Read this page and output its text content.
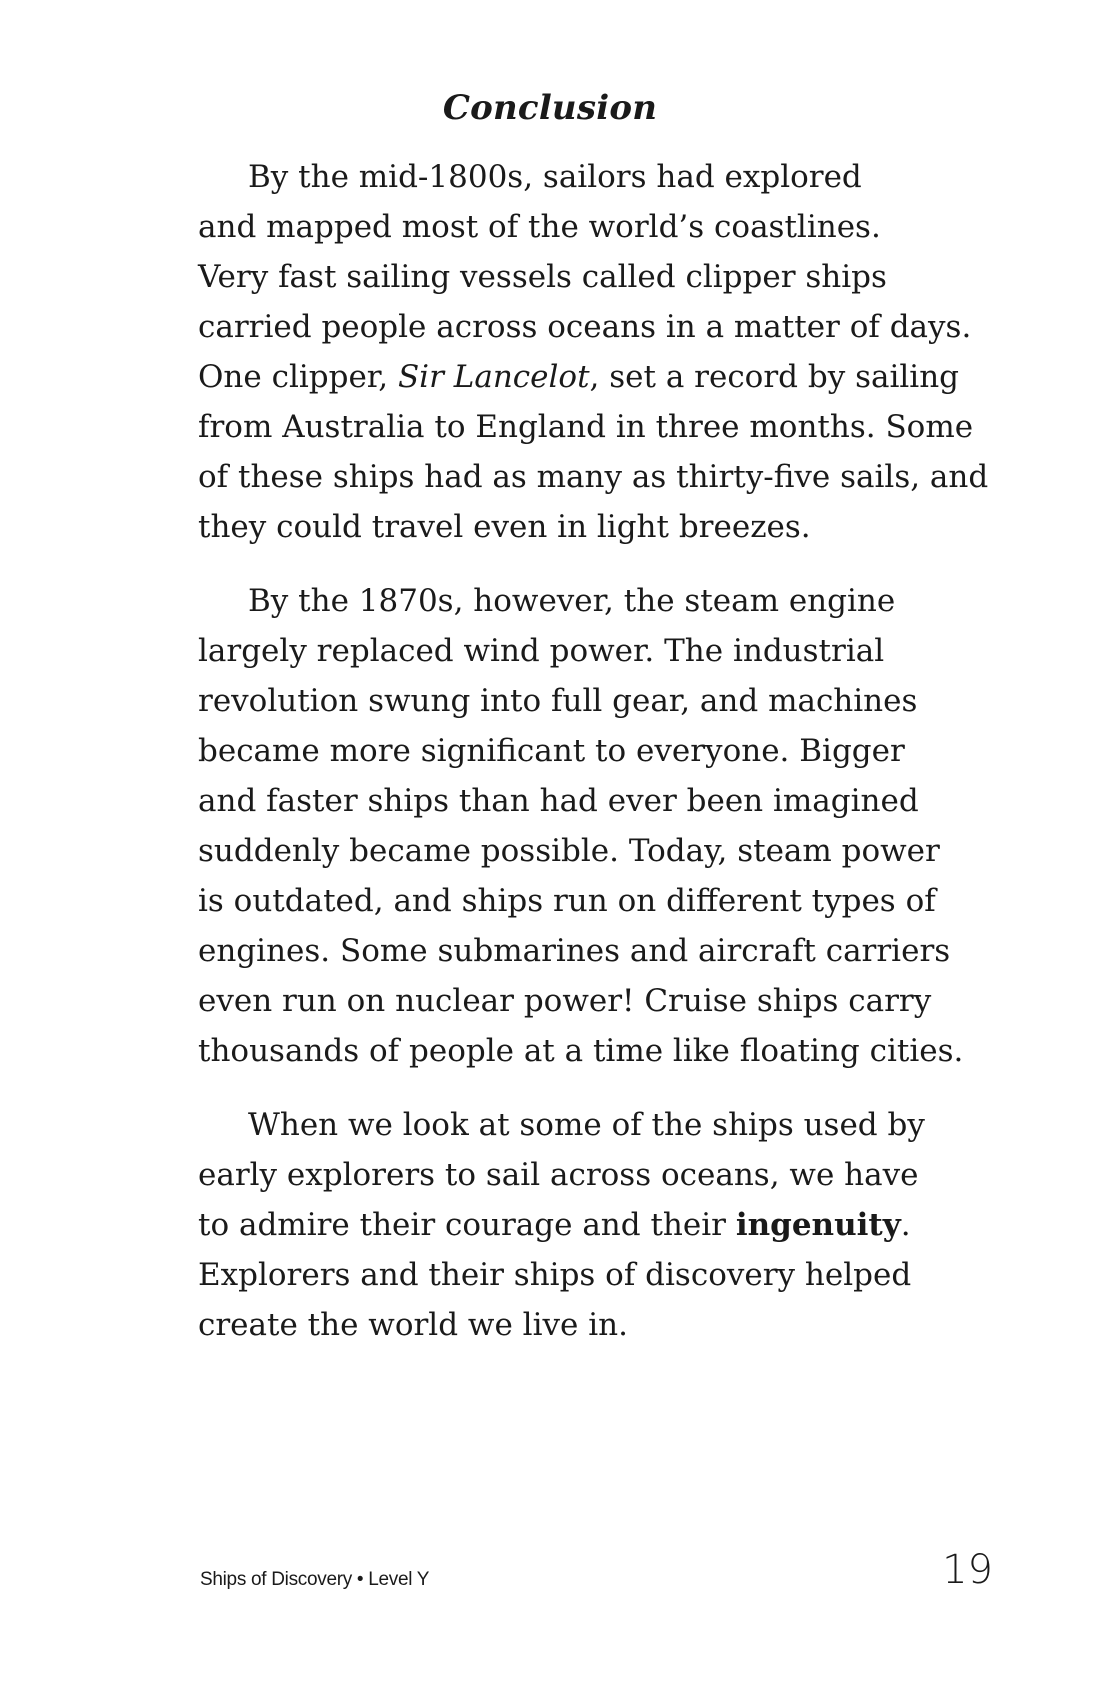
Conclusion

By the mid-1800s, sailors had explored
and mapped most of the world’s coastlines.
Very fast sailing vessels called clipper ships
carried people across oceans in a matter of days.
One clipper, Sir Lancelot, set a record by sailing
from Australia to England in three months. Some
of these ships had as many as thirty-five sails, and
they could travel even in light breezes.

By the 1870s, however, the steam engine
largely replaced wind power. The industrial
revolution swung into full gear, and machines
became more significant to everyone. Bigger
and faster ships than had ever been imagined
suddenly became possible. Today, steam power
is outdated, and ships run on different types of
engines. Some submarines and aircraft carriers
even run on nuclear power! Cruise ships carry
thousands of people at a time like floating cities.

When we look at some of the ships used by
early explorers to sail across oceans, we have
to admire their courage and their ingenuity.
Explorers and their ships of discovery helped
create the world we live in.

Ships of Discovery • Level Y	19
